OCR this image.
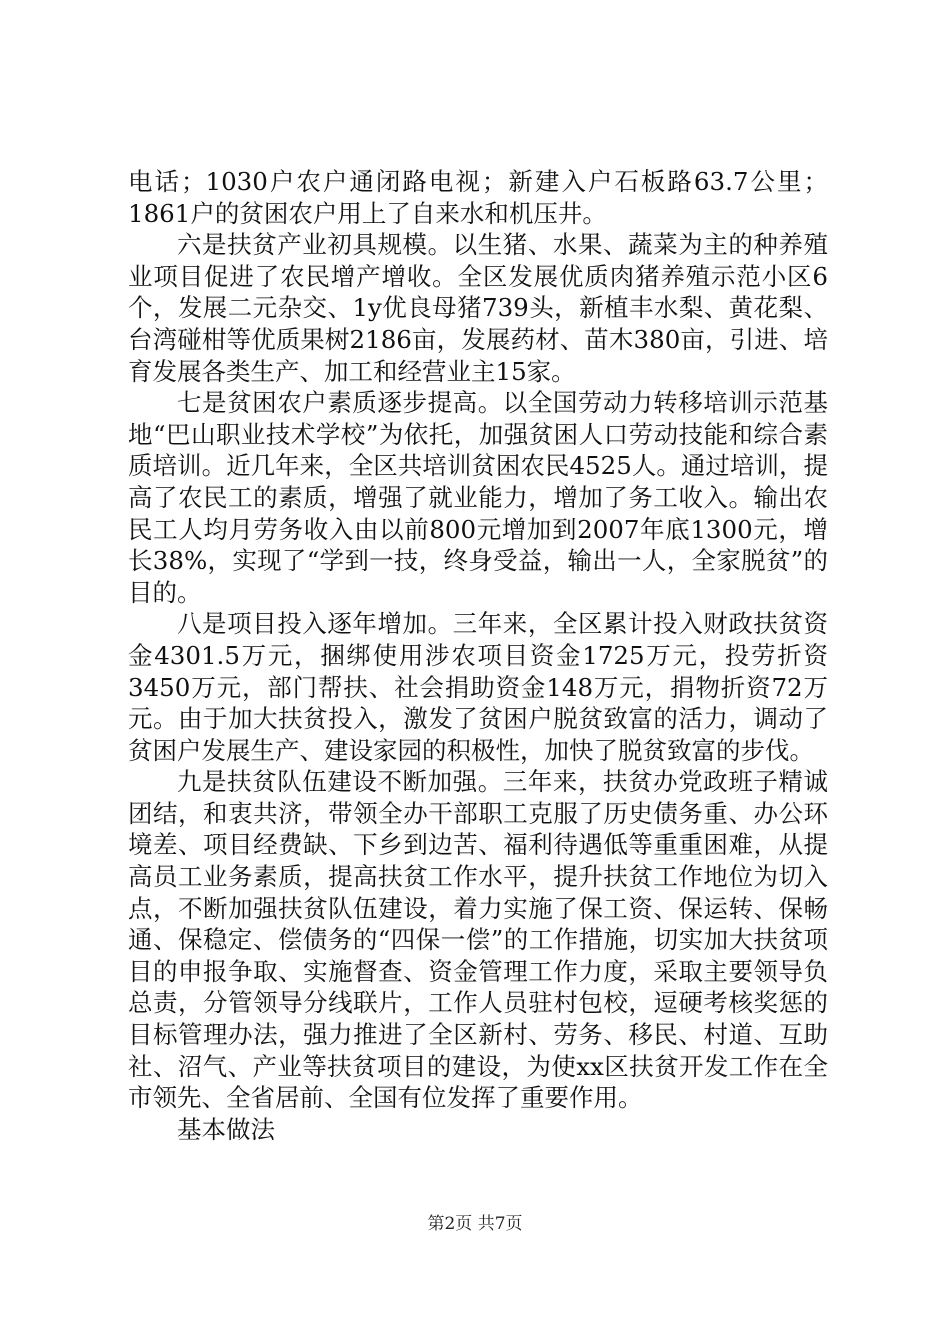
电话；1030户农户通闭路电视；新建入户石板路63.7公里；1861户的贫困农户用上了自来水和机压井。

六是扶贫产业初具规模。以生猪、水果、蔬菜为主的种养殖业项目促进了农民增产增收。全区发展优质肉猪养殖示范小区6个，发展二元杂交、1y优良母猪739头，新植丰水梨、黄花梨、台湾碰柑等优质果树2186亩，发展药材、苗木380亩，引进、培育发展各类生产、加工和经营业主15家。

七是贫困农户素质逐步提高。以全国劳动力转移培训示范基地“巴山职业技术学校”为依托，加强贫困人口劳动技能和综合素质培训。近几年来，全区共培训贫困农民4525人。通过培训，提高了农民工的素质，增强了就业能力，增加了务工收入。输出农民工人均月劳务收入由以前800元增加到2007年底1300元，增长38%，实现了“学到一技，终身受益，输出一人，全家脱贫”的目的。

八是项目投入逐年增加。三年来，全区累计投入财政扶贫资金4301.5万元，捆绑使用涉农项目资金1725万元，投劳折资3450万元，部门帮扶、社会捐助资金148万元，捐物折资72万元。由于加大扶贫投入，激发了贫困户脱贫致富的活力，调动了贫困户发展生产、建设家园的积极性，加快了脱贫致富的步伐。

九是扶贫队伍建设不断加强。三年来，扶贫办党政班子精诚团结，和衷共济，带领全办干部职工克服了历史债务重、办公环境差、项目经费缺、下乡到边苦、福利待遇低等重重困难，从提高员工业务素质，提高扶贫工作水平，提升扶贫工作地位为切入点，不断加强扶贫队伍建设，着力实施了保工资、保运转、保畅通、保稳定、偿债务的“四保一偿”的工作措施，切实加大扶贫项目的申报争取、实施督查、资金管理工作力度，采取主要领导负总责，分管领导分线联片，工作人员驻村包校，逗硬考核奖惩的目标管理办法，强力推进了全区新村、劳务、移民、村道、互助社、沼气、产业等扶贫项目的建设，为使xx区扶贫开发工作在全市领先、全省居前、全国有位发挥了重要作用。

基本做法

第2页 共7页
